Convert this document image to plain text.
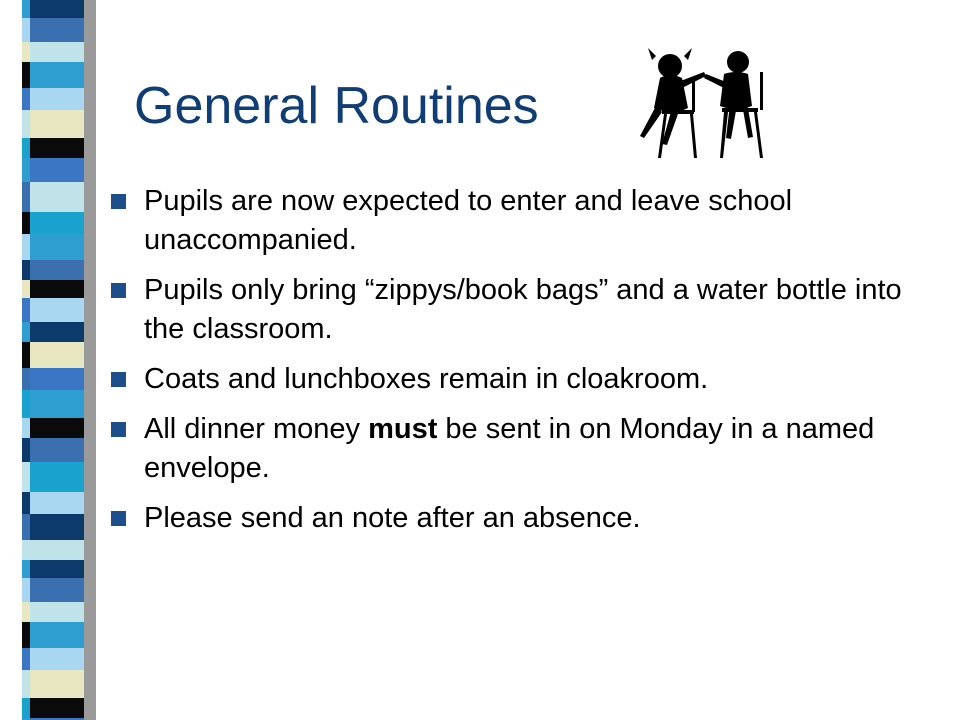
General Routines
Pupils are now expected to enter and leave school unaccompanied.
Pupils only bring “zippys/book bags” and a water bottle into the classroom.
Coats and lunchboxes remain in cloakroom.
All dinner money must be sent in on Monday in a named envelope.
Please send an note after an absence.
